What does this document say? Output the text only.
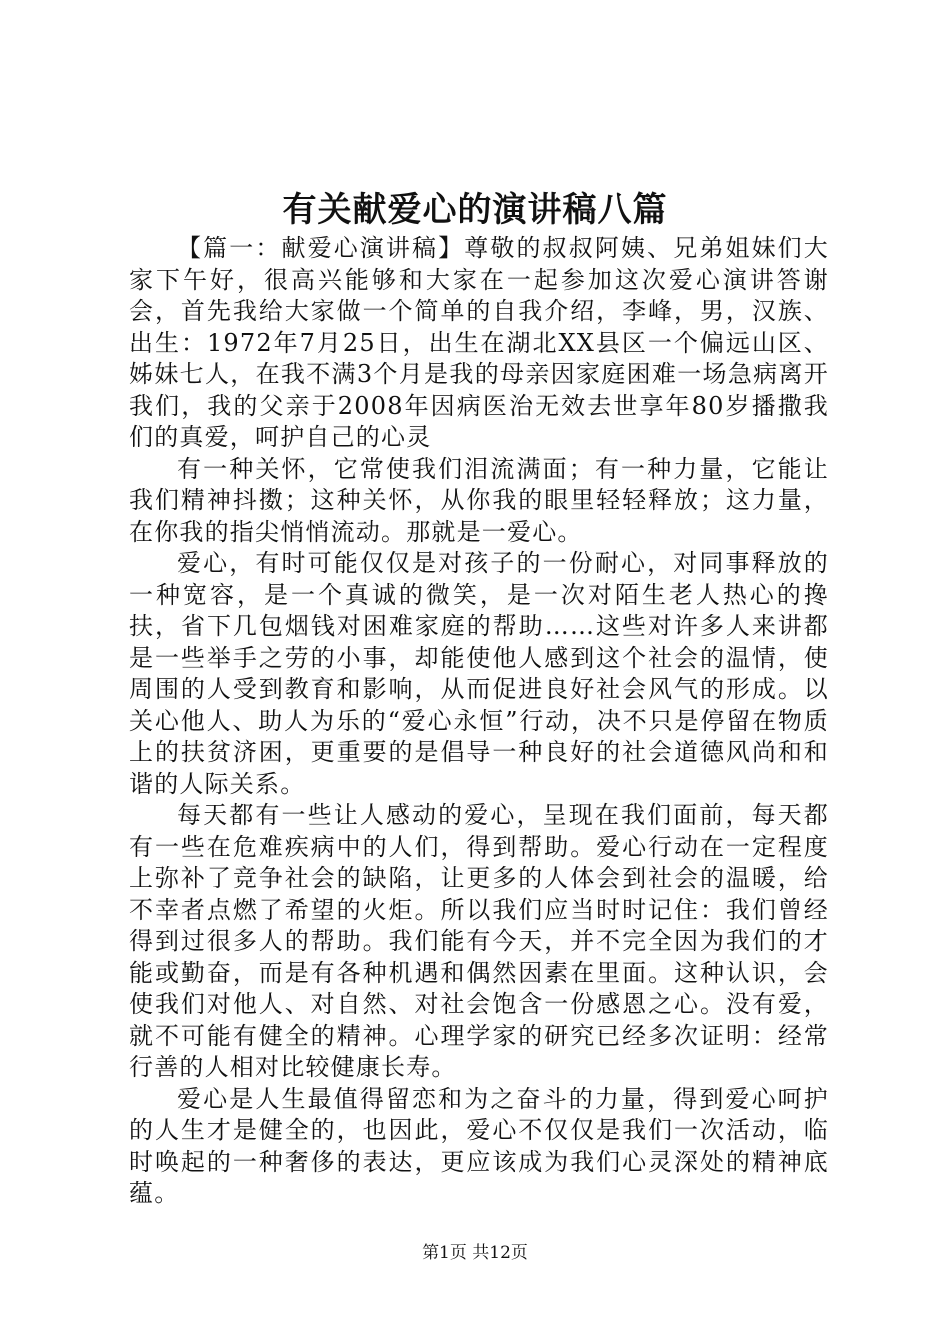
有关献爱心的演讲稿八篇

【篇一：献爱心演讲稿】尊敬的叔叔阿姨、兄弟姐妹们大家下午好，很高兴能够和大家在一起参加这次爱心演讲答谢会，首先我给大家做一个简单的自我介绍，李峰，男，汉族、出生：1972年7月25日，出生在湖北XX县区一个偏远山区、姊妹七人，在我不满3个月是我的母亲因家庭困难一场急病离开我们，我的父亲于2008年因病医治无效去世享年80岁播撒我们的真爱，呵护自己的心灵

有一种关怀，它常使我们泪流满面；有一种力量，它能让我们精神抖擞；这种关怀，从你我的眼里轻轻释放；这力量，在你我的指尖悄悄流动。那就是一爱心。

爱心，有时可能仅仅是对孩子的一份耐心，对同事释放的一种宽容，是一个真诚的微笑，是一次对陌生老人热心的搀扶，省下几包烟钱对困难家庭的帮助……这些对许多人来讲都是一些举手之劳的小事，却能使他人感到这个社会的温情，使周围的人受到教育和影响，从而促进良好社会风气的形成。以关心他人、助人为乐的“爱心永恒”行动，决不只是停留在物质上的扶贫济困，更重要的是倡导一种良好的社会道德风尚和和谐的人际关系。

每天都有一些让人感动的爱心，呈现在我们面前，每天都有一些在危难疾病中的人们，得到帮助。爱心行动在一定程度上弥补了竞争社会的缺陷，让更多的人体会到社会的温暖，给不幸者点燃了希望的火炬。所以我们应当时时记住：我们曾经得到过很多人的帮助。我们能有今天，并不完全因为我们的才能或勤奋，而是有各种机遇和偶然因素在里面。这种认识，会使我们对他人、对自然、对社会饱含一份感恩之心。没有爱，就不可能有健全的精神。心理学家的研究已经多次证明：经常行善的人相对比较健康长寿。

爱心是人生最值得留恋和为之奋斗的力量，得到爱心呵护的人生才是健全的，也因此，爱心不仅仅是我们一次活动，临时唤起的一种奢侈的表达，更应该成为我们心灵深处的精神底蕴。

第1页 共12页
